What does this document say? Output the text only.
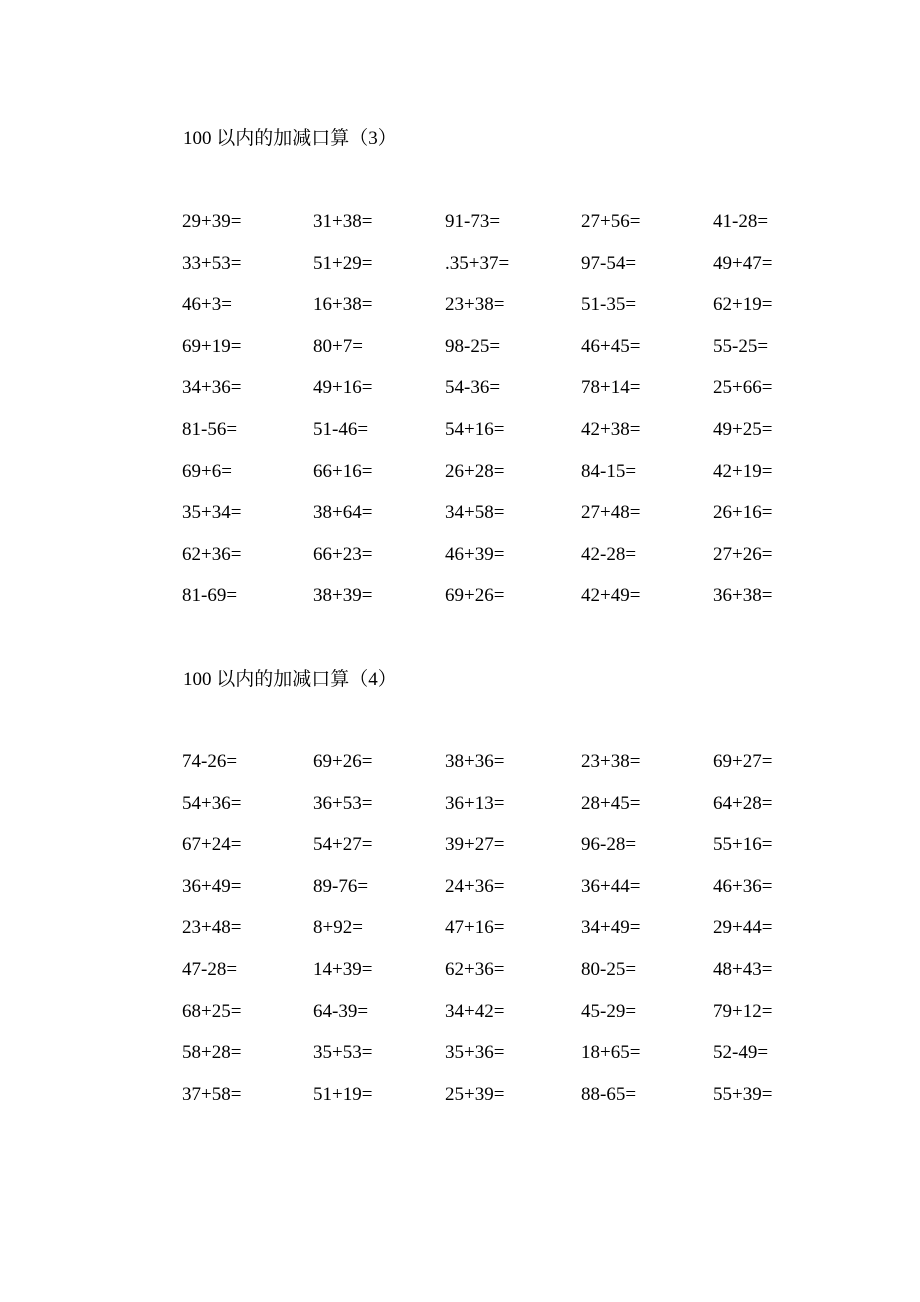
100 以内的加减口算（3）
29+39=	31+38=	91-73=	27+56=	41-28=
33+53=	51+29=	.35+37=	97-54=	49+47=
46+3=	16+38=	23+38=	51-35=	62+19=
69+19=	80+7=	98-25=	46+45=	55-25=
34+36=	49+16=	54-36=	78+14=	25+66=
81-56=	51-46=	54+16=	42+38=	49+25=
69+6=	66+16=	26+28=	84-15=	42+19=
35+34=	38+64=	34+58=	27+48=	26+16=
62+36=	66+23=	46+39=	42-28=	27+26=
81-69=	38+39=	69+26=	42+49=	36+38=
100 以内的加减口算（4）
74-26=	69+26=	38+36=	23+38=	69+27=
54+36=	36+53=	36+13=	28+45=	64+28=
67+24=	54+27=	39+27=	96-28=	55+16=
36+49=	89-76=	24+36=	36+44=	46+36=
23+48=	8+92=	47+16=	34+49=	29+44=
47-28=	14+39=	62+36=	80-25=	48+43=
68+25=	64-39=	34+42=	45-29=	79+12=
58+28=	35+53=	35+36=	18+65=	52-49=
37+58=	51+19=	25+39=	88-65=	55+39=
